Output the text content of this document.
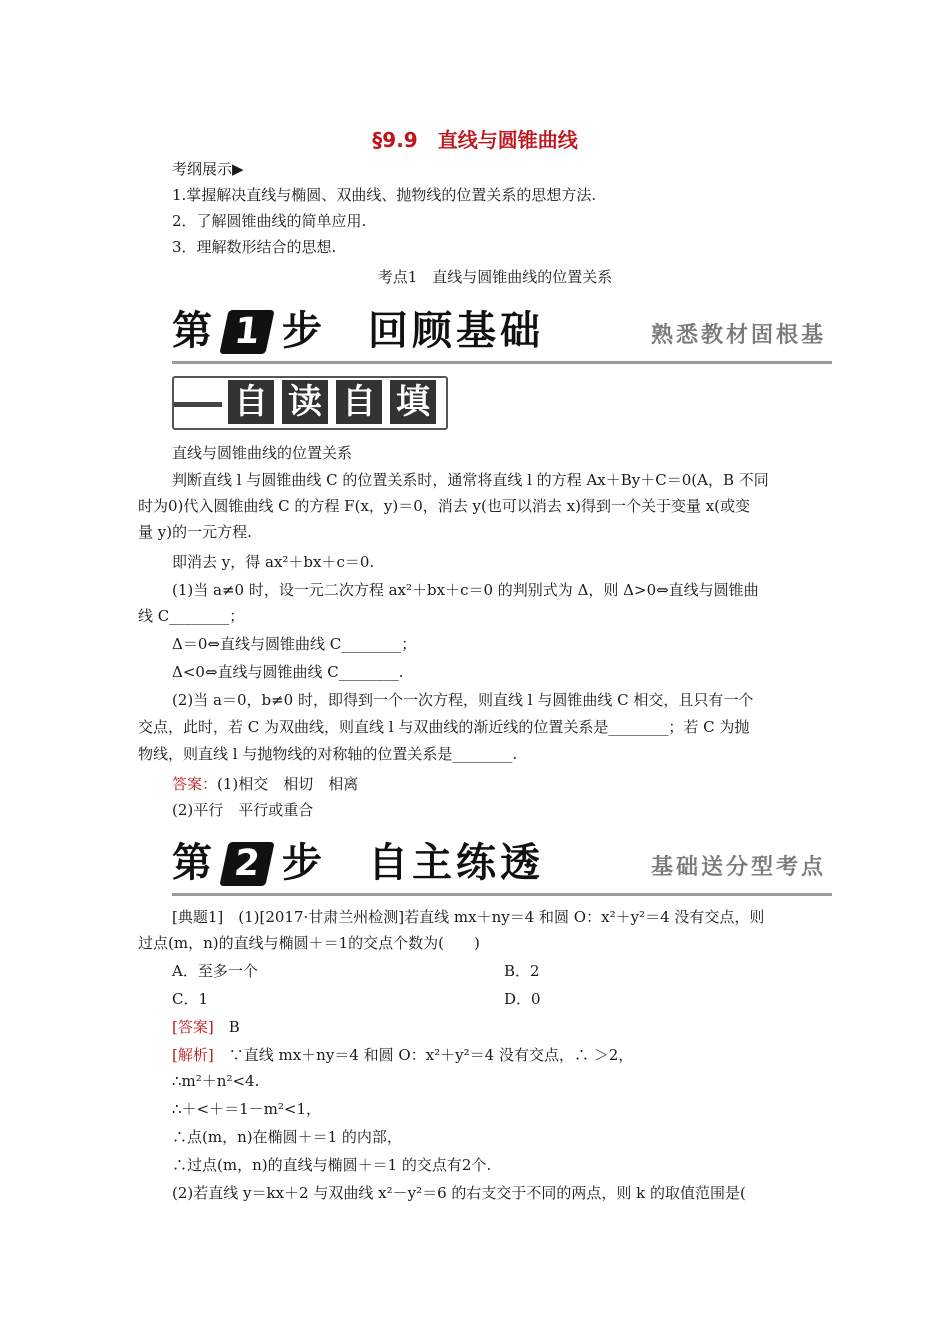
§9.9　直线与圆锥曲线
考纲展示▶
1.掌握解决直线与椭圆、双曲线、抛物线的位置关系的思想方法.
2．了解圆锥曲线的简单应用.
3．理解数形结合的思想.
考点1　直线与圆锥曲线的位置关系
第 1 步 回顾基础	熟悉教材固根基
自 读 自 填
直线与圆锥曲线的位置关系
判断直线 l 与圆锥曲线 C 的位置关系时，通常将直线 l 的方程 Ax＋By＋C＝0(A，B 不同
时为0)代入圆锥曲线 C 的方程 F(x，y)＝0，消去 y(也可以消去 x)得到一个关于变量 x(或变
量 y)的一元方程.
即消去 y，得 ax²＋bx＋c＝0.
(1)当 a≠0 时，设一元二次方程 ax²＋bx＋c＝0 的判别式为 Δ，则 Δ>0⇔直线与圆锥曲
线 C________；
Δ＝0⇔直线与圆锥曲线 C________；
Δ<0⇔直线与圆锥曲线 C________.
(2)当 a＝0，b≠0 时，即得到一个一次方程，则直线 l 与圆锥曲线 C 相交，且只有一个
交点，此时，若 C 为双曲线，则直线 l 与双曲线的渐近线的位置关系是________；若 C 为抛
物线，则直线 l 与抛物线的对称轴的位置关系是________.
答案：(1)相交　相切　相离
(2)平行　平行或重合
第 2 步 自主练透	基础送分型考点
[典题1]　(1)[2017·甘肃兰州检测]若直线 mx＋ny＝4 和圆 O：x²＋y²＝4 没有交点，则
过点(m，n)的直线与椭圆＋＝1的交点个数为(　　)
A．至多一个	B．2
C．1	D．0
[答案]　 B
[解析]　 ∵直线 mx＋ny＝4 和圆 O：x²＋y²＝4 没有交点，∴ ＞2，
∴m²＋n²<4.
∴＋<＋＝1－m²<1，
∴点(m，n)在椭圆＋＝1 的内部，
∴过点(m，n)的直线与椭圆＋＝1 的交点有2个.
(2)若直线 y＝kx＋2 与双曲线 x²－y²＝6 的右支交于不同的两点，则 k 的取值范围是(
